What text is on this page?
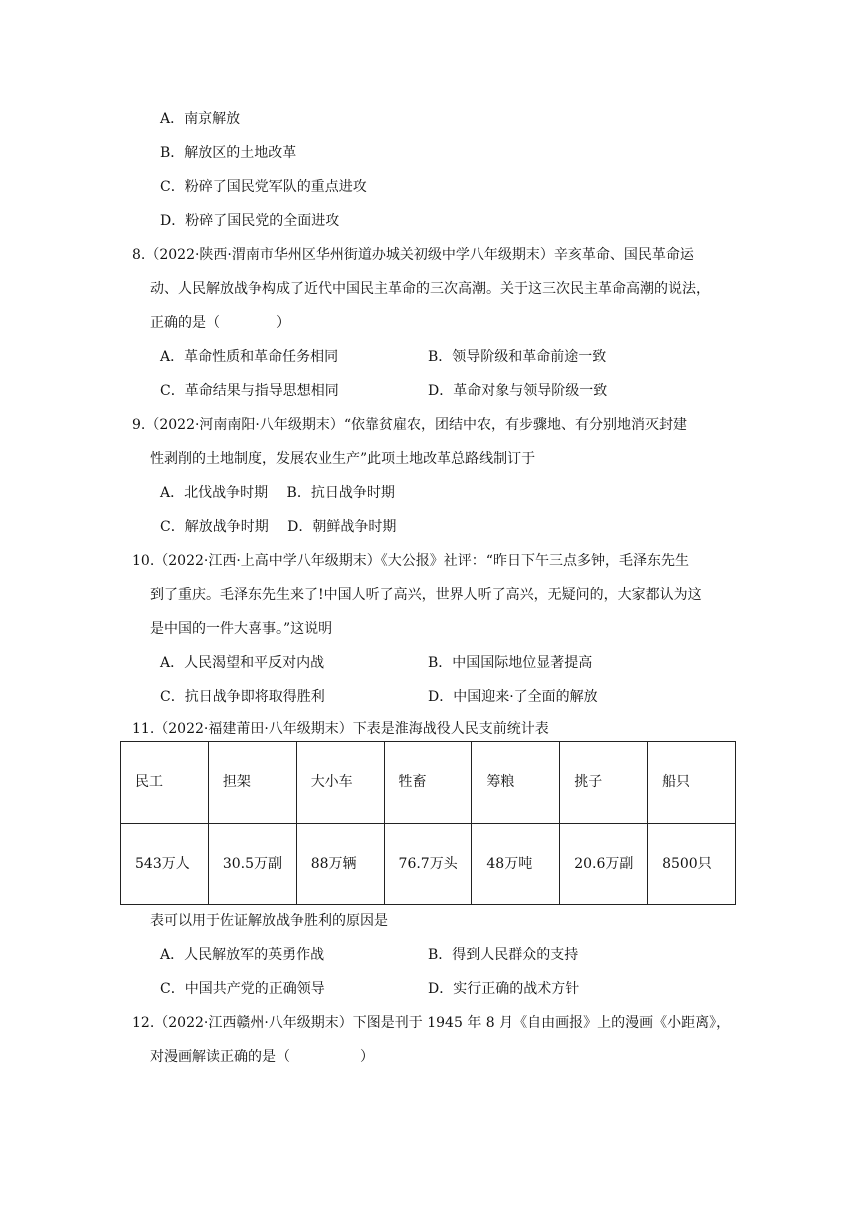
A．南京解放
B．解放区的土地改革
C．粉碎了国民党军队的重点进攻
D．粉碎了国民党的全面进攻
8.（2022·陕西·渭南市华州区华州街道办城关初级中学八年级期末）辛亥革命、国民革命运
动、人民解放战争构成了近代中国民主革命的三次高潮。关于这三次民主革命高潮的说法，
正确的是（　　　　）
A．革命性质和革命任务相同	B．领导阶级和革命前途一致
C．革命结果与指导思想相同	D．革命对象与领导阶级一致
9.（2022·河南南阳·八年级期末）“依靠贫雇农，团结中农，有步骤地、有分别地消灭封建
性剥削的土地制度，发展农业生产”此项土地改革总路线制订于
A．北伐战争时期　 B．抗日战争时期
C．解放战争时期　 D．朝鲜战争时期
10.（2022·江西·上高中学八年级期末）《大公报》社评：“昨日下午三点多钟，毛泽东先生
到了重庆。毛泽东先生来了!中国人听了高兴，世界人听了高兴，无疑问的，大家都认为这
是中国的一件大喜事。”这说明
A．人民渴望和平反对内战	B．中国国际地位显著提高
C．抗日战争即将取得胜利	D．中国迎来·了全面的解放
11.（2022·福建莆田·八年级期末）下表是淮海战役人民支前统计表
民工	担架	大小车	牲畜	筹粮	挑子	船只
543万人	30.5万副	88万辆	76.7万头	48万吨	20.6万副	8500只
表可以用于佐证解放战争胜利的原因是
A．人民解放军的英勇作战	B．得到人民群众的支持
C．中国共产党的正确领导	D．实行正确的战术方针
12.（2022·江西赣州·八年级期末）下图是刊于 1945 年 8 月《自由画报》上的漫画《小距离》，
对漫画解读正确的是（　　　　　）
